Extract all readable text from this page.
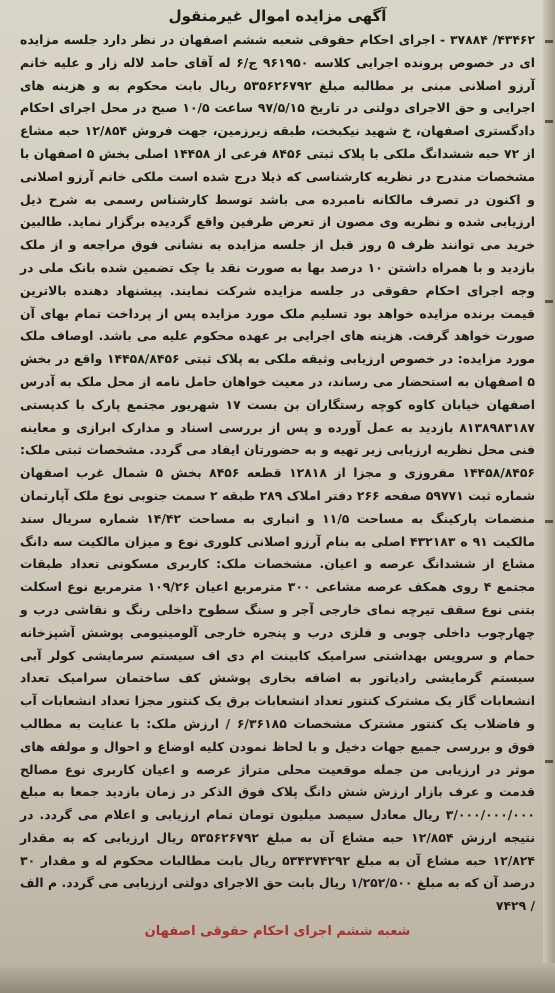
آگهی مزایده اموال غیرمنقول

۴۳۴۶۲/ ۳۷۸۸۴ - اجرای احکام حقوقی شعبه ششم اصفهان در نظر دارد جلسه مزایده ای در خصوص پرونده اجرایی کلاسه ۹۶۱۹۵۰ ج/۶ له آقای حامد لاله زار و علیه خانم آرزو اصلانی مبنی بر مطالبه مبلغ ۵۳۵۶۲۶۷۹۲ ریال بابت محکوم به و هزینه های اجرایی و حق الاجرای دولتی در تاریخ ۹۷/۵/۱۵ ساعت ۱۰/۵ صبح در محل اجرای احکام دادگستری اصفهان، خ شهید نیکبخت، طبقه زیرزمین، جهت فروش ۱۲/۸۵۴ حبه مشاع از ۷۲ حبه ششدانگ ملکی با پلاک ثبتی ۸۴۵۶ فرعی از ۱۴۴۵۸ اصلی بخش ۵ اصفهان با مشخصات مندرج در نظریه کارشناسی که ذیلا درج شده است ملکی خانم آرزو اصلانی و اکنون در تصرف مالکانه نامبرده می باشد توسط کارشناس رسمی به شرح ذیل ارزیابی شده و نظریه وی مصون از تعرض طرفین واقع گردیده برگزار نماید. طالبین خرید می توانند ظرف ۵ روز قبل از جلسه مزایده به نشانی فوق مراجعه و از ملک بازدید و با همراه داشتن ۱۰ درصد بها به صورت نقد یا چک تضمین شده بانک ملی در وجه اجرای احکام حقوقی در جلسه مزایده شرکت نمایند. پیشنهاد دهنده بالاترین قیمت برنده مزایده خواهد بود تسلیم ملک مورد مزایده پس از پرداخت تمام بهای آن صورت خواهد گرفت. هزینه های اجرایی بر عهده محکوم علیه می باشد. اوصاف ملک مورد مزایده: در خصوص ارزیابی وثیقه ملکی به پلاک ثبتی ۱۴۴۵۸/۸۴۵۶ واقع در بخش ۵ اصفهان به استحضار می رساند، در معیت خواهان حامل نامه از محل ملک به آدرس اصفهان خیابان کاوه کوچه رستگاران بن بست ۱۷ شهریور مجتمع پارک با کدپستی ۸۱۳۸۹۸۳۱۸۷ بازدید به عمل آورده و پس از بررسی اسناد و مدارک ابرازی و معاینه فنی محل نظریه ارزیابی زیر تهیه و به حضورتان ایفاد می گردد. مشخصات ثبتی ملک: ۱۴۴۵۸/۸۴۵۶ مفروزی و مجزا از ۱۲۸۱۸ قطعه ۸۴۵۶ بخش ۵ شمال غرب اصفهان شماره ثبت ۵۹۷۷۱ صفحه ۲۶۶ دفتر املاک ۲۸۹ طبقه ۲ سمت جنوبی نوع ملک آپارتمان منضمات پارکینگ به مساحت ۱۱/۵ و انباری به مساحت ۱۴/۴۲ شماره سریال سند مالکیت ۹۱ ه ۴۳۲۱۸۳ اصلی به بنام آرزو اصلانی کلوری نوع و میزان مالکیت سه دانگ مشاع از ششدانگ عرصه و اعیان. مشخصات ملک: کاربری مسکونی تعداد طبقات مجتمع ۴ روی همکف عرصه مشاعی ۳۰۰ مترمربع اعیان ۱۰۹/۲۶ مترمربع نوع اسکلت بتنی نوع سقف تیرچه نمای خارجی آجر و سنگ سطوح داخلی رنگ و نقاشی درب و چهارچوب داخلی چوبی و فلزی درب و پنجره خارجی آلومینیومی پوشش آشپزخانه حمام و سرویس بهداشتی سرامیک کابینت ام دی اف سیستم سرمایشی کولر آبی سیستم گرمایشی رادیاتور به اضافه بخاری پوشش کف ساختمان سرامیک تعداد انشعابات گاز یک مشترک کنتور تعداد انشعابات برق یک کنتور مجزا تعداد انشعابات آب و فاضلاب یک کنتور مشترک مشخصات ۶/۳۶۱۸۵ / ارزش ملک: با عنایت به مطالب فوق و بررسی جمیع جهات دخیل و با لحاظ نمودن کلیه اوضاع و احوال و مولفه های موثر در ارزیابی من جمله موقعیت محلی متراژ عرصه و اعیان کاربری نوع مصالح قدمت و عرف بازار ارزش شش دانگ پلاک فوق الذکر در زمان بازدید جمعا به مبلغ ۳/۰۰۰/۰۰۰/۰۰۰ ریال معادل سیصد میلیون تومان تمام ارزیابی و اعلام می گردد. در نتیجه ارزش ۱۲/۸۵۴ حبه مشاع آن به مبلغ ۵۳۵۶۲۶۷۹۲ ریال ارزیابی که به مقدار ۱۲/۸۲۴ حبه مشاع آن به مبلغ ۵۳۴۳۷۴۲۹۲ ریال بابت مطالبات محکوم له و مقدار ۳۰ درصد آن که به مبلغ ۱/۲۵۲/۵۰۰ ریال بابت حق الاجرای دولتی ارزیابی می گردد. م الف / ۷۴۲۹

شعبه ششم اجرای احکام حقوقی اصفهان
